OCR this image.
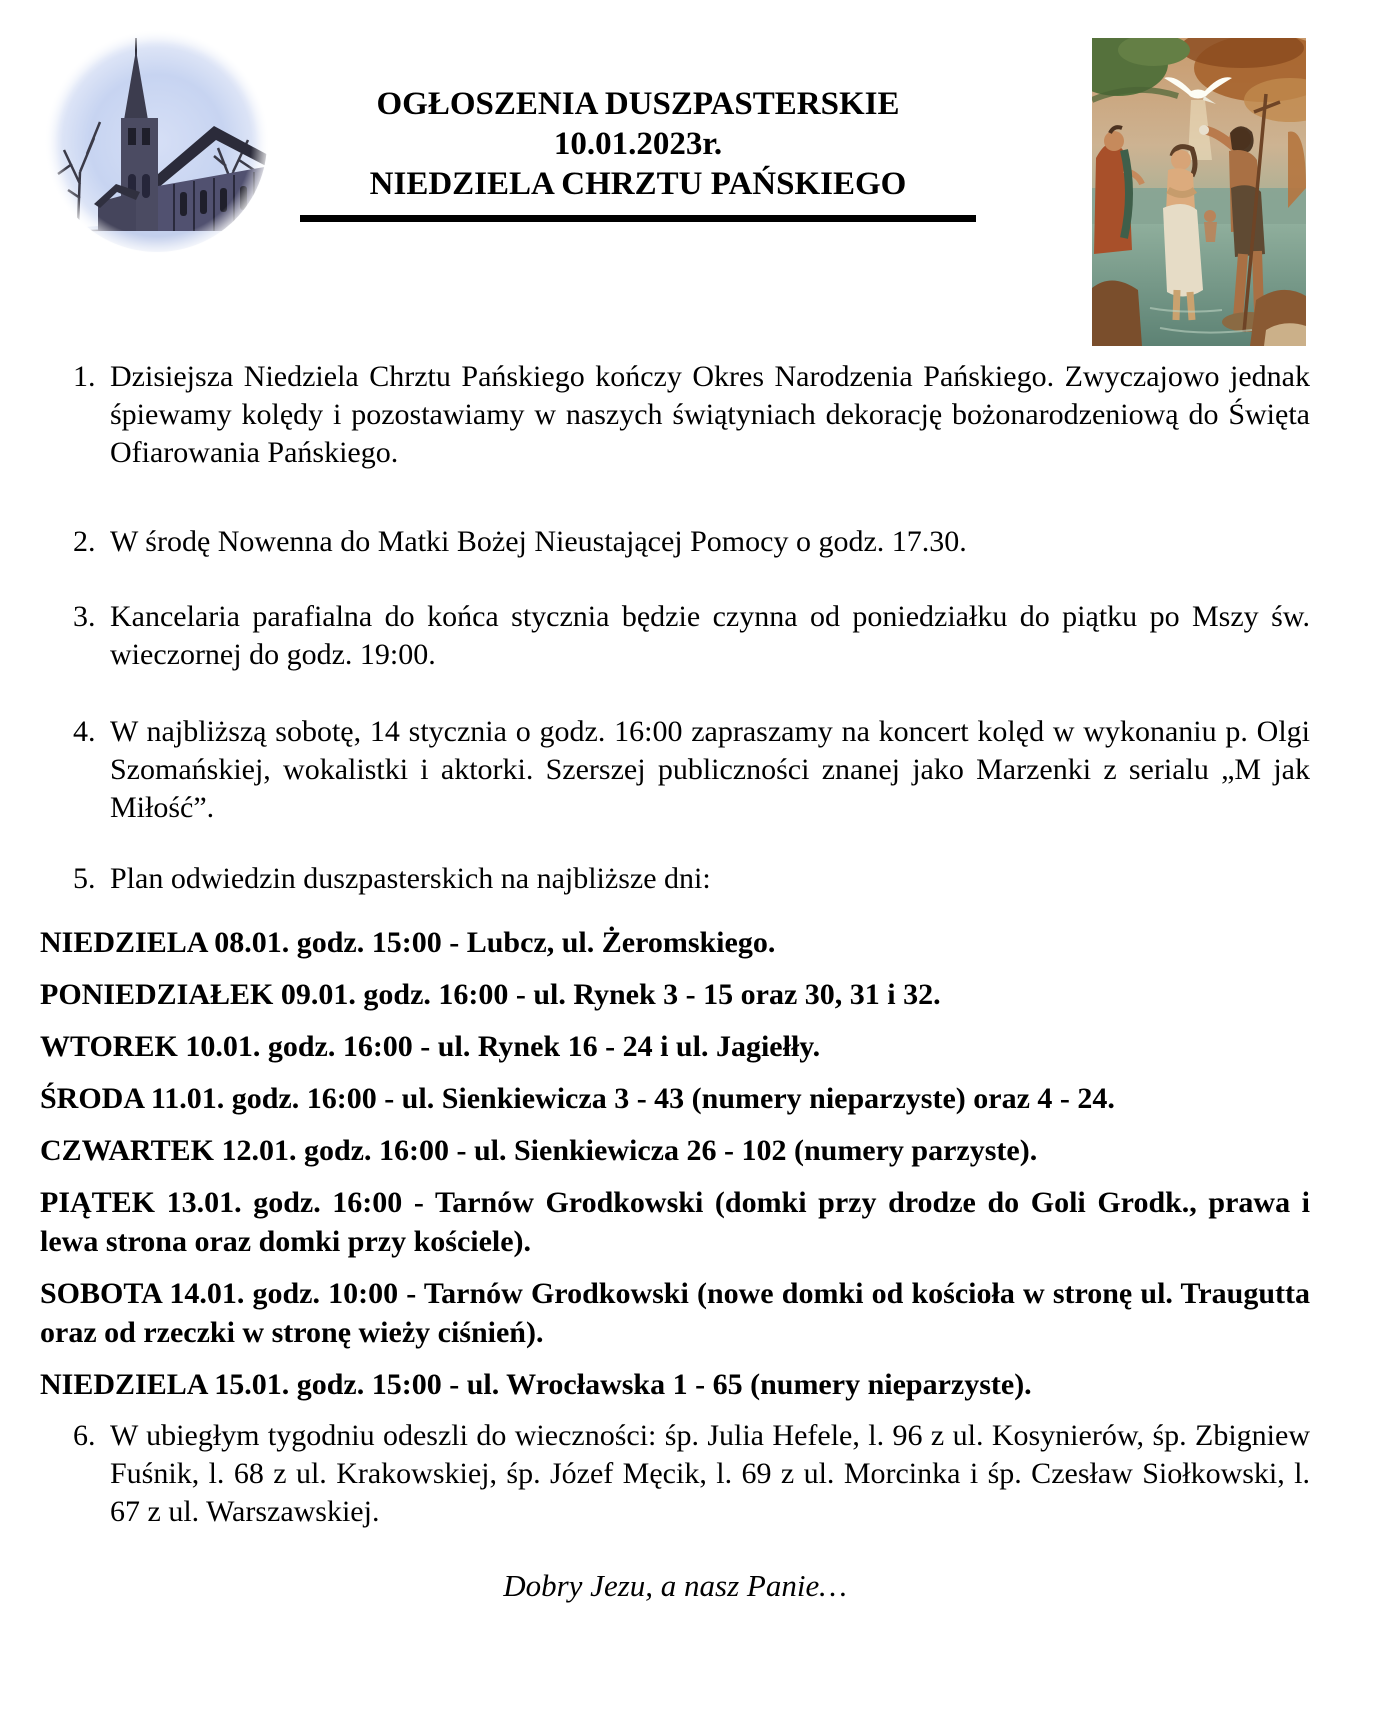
OGŁOSZENIA DUSZPASTERSKIE
10.01.2023r.
NIEDZIELA CHRZTU PAŃSKIEGO
1. Dzisiejsza Niedziela Chrztu Pańskiego kończy Okres Narodzenia Pańskiego. Zwyczajowo jednak śpiewamy kolędy i pozostawiamy w naszych świątyniach dekorację bożonarodzeniową do Święta Ofiarowania Pańskiego.
2. W środę Nowenna do Matki Bożej Nieustającej Pomocy o godz. 17.30.
3. Kancelaria parafialna do końca stycznia będzie czynna od poniedziałku do piątku po Mszy św. wieczornej do godz. 19:00.
4. W najbliższą sobotę, 14 stycznia o godz. 16:00 zapraszamy na koncert kolęd w wykonaniu p. Olgi Szomańskiej, wokalistki i aktorki. Szerszej publiczności znanej jako Marzenki z serialu „M jak Miłość”.
5. Plan odwiedzin duszpasterskich na najbliższe dni:
NIEDZIELA 08.01. godz. 15:00 - Lubcz, ul. Żeromskiego.
PONIEDZIAŁEK 09.01. godz. 16:00 - ul. Rynek 3 - 15 oraz 30, 31 i 32.
WTOREK 10.01. godz. 16:00 - ul. Rynek 16 - 24 i ul. Jagiełły.
ŚRODA 11.01. godz. 16:00 - ul. Sienkiewicza 3 - 43 (numery nieparzyste) oraz 4 - 24.
CZWARTEK 12.01. godz. 16:00 - ul. Sienkiewicza 26 - 102 (numery parzyste).
PIĄTEK 13.01. godz. 16:00 - Tarnów Grodkowski (domki przy drodze do Goli Grodk., prawa i lewa strona oraz domki przy kościele).
SOBOTA 14.01. godz. 10:00 - Tarnów Grodkowski (nowe domki od kościoła w stronę ul. Traugutta oraz od rzeczki w stronę wieży ciśnień).
NIEDZIELA 15.01. godz. 15:00 - ul. Wrocławska 1 - 65 (numery nieparzyste).
6. W ubiegłym tygodniu odeszli do wieczności: śp. Julia Hefele, l. 96 z ul. Kosynierów, śp. Zbigniew Fuśnik, l. 68 z ul. Krakowskiej, śp. Józef Męcik, l. 69 z ul. Morcinka i śp. Czesław Siołkowski, l. 67 z ul. Warszawskiej.
Dobry Jezu, a nasz Panie…
